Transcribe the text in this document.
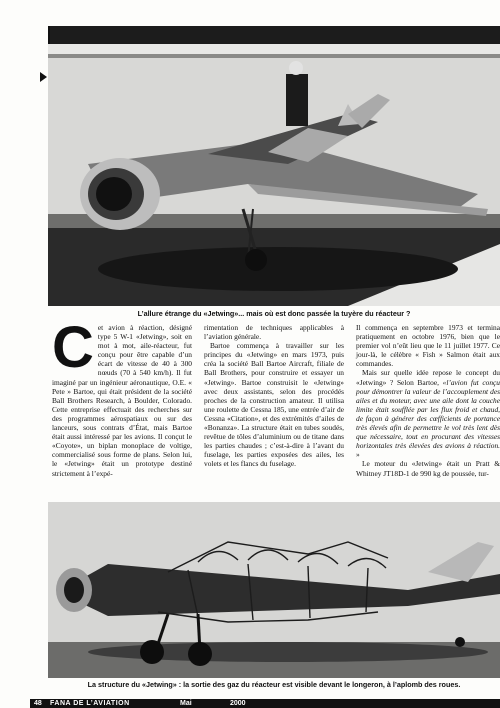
L’allure étrange du «Jetwing»... mais où est donc passée la tuyère du réacteur ?

Cet avion à réaction, désigné type 5 W-1 «Jetwing», soit en mot à mot, aile-réacteur, fut conçu pour être capable d’un écart de vitesse de 40 à 300 nœuds (70 à 540 km/h). Il fut imaginé par un ingénieur aéronautique, O.E. « Pete » Bartoe, qui était président de la société Ball Brothers Research, à Boulder, Colorado. Cette entreprise effectuait des recherches sur des programmes aérospatiaux ou sur des lanceurs, sous contrats d’État, mais Bartoe était aussi intéressé par les avions. Il conçut le «Coyote», un biplan monoplace de voltige, commercialisé sous forme de plans. Selon lui, le «Jetwing» était un prototype destiné strictement à l’expé-

rimentation de techniques applicables à l’aviation générale.

Bartoe commença à travailler sur les principes du «Jetwing» en mars 1973, puis créa la société Ball Bartoe Aircraft, filiale de Ball Brothers, pour construire et essayer un «Jetwing». Bartoe construisit le «Jetwing» avec deux assistants, selon des procédés proches de la construction amateur. Il utilisa une roulette de Cessna 185, une entrée d’air de Cessna «Citation», et des extrémités d’ailes de «Bonanza». La structure était en tubes soudés, revêtue de tôles d’aluminium ou de titane dans les parties chaudes ; c’est-à-dire à l’avant du fuselage, les parties exposées des ailes, les volets et les flancs du fuselage.

Il commença en septembre 1973 et termina pratiquement en octobre 1976, bien que le premier vol n’eût lieu que le 11 juillet 1977. Ce jour-là, le célèbre « Fish » Salmon était aux commandes.

Mais sur quelle idée repose le concept du «Jetwing» ? Selon Bartoe, «l’avion fut conçu pour démontrer la valeur de l’accouplement des ailes et du moteur, avec une aile dont la couche limite était soufflée par les flux froid et chaud, de façon à générer des cœfficients de portance très élevés afin de permettre le vol très lent dès que nécessaire, tout en procurant des vitesses horizontales très élevées des avions à réaction. »

Le moteur du «Jetwing» était un Pratt & Whitney JT18D-1 de 990 kg de poussée, tur-

La structure du «Jetwing» : la sortie des gaz du réacteur est visible devant le longeron, à l’aplomb des roues.
48 FANA DE L’AVIATION	Mai	2000
